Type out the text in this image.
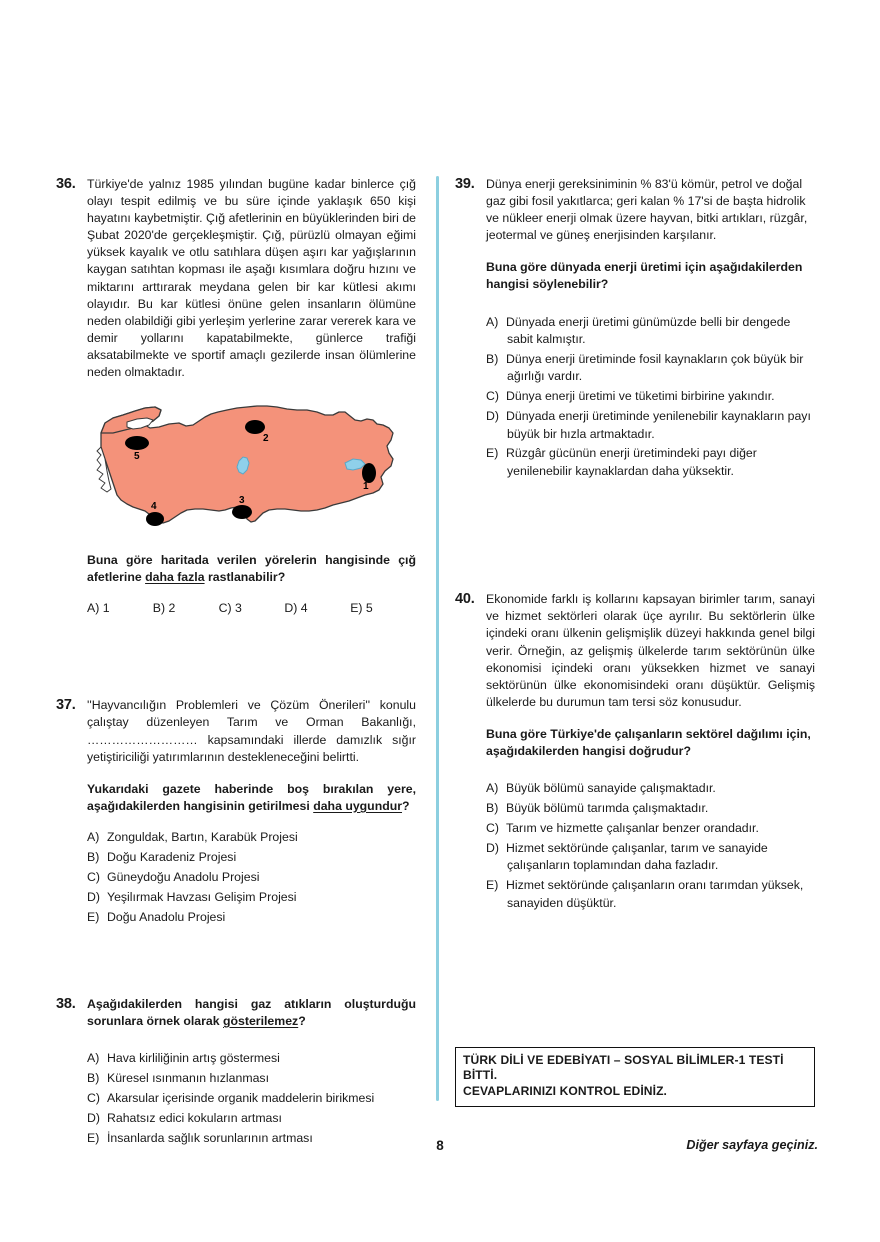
36. Türkiye'de yalnız 1985 yılından bugüne kadar binlerce çığ olayı tespit edilmiş ve bu süre içinde yaklaşık 650 kişi hayatını kaybetmiştir. Çığ afetlerinin en büyüklerinden biri de Şubat 2020'de gerçekleşmiştir. Çığ, pürüzlü olmayan eğimi yüksek kayalık ve otlu satıhlara düşen aşırı kar yağışlarının kaygan satıhtan kopması ile aşağı kısımlara doğru hızını ve miktarını arttırarak meydana gelen bir kar kütlesi akımı olayıdır. Bu kar kütlesi önüne gelen insanların ölümüne neden olabildiği gibi yerleşim yerlerine zarar vererek kara ve demir yollarını kapatabilmekte, günlerce trafiği aksatabilmekte ve sportif amaçlı gezilerde insan ölümlerine neden olmaktadır.

1
2
3
4
5

Buna göre haritada verilen yörelerin hangisinde çığ afetlerine daha fazla rastlanabilir?

A) 1	B) 2	C) 3	D) 4	E) 5
37. ''Hayvancılığın Problemleri ve Çözüm Önerileri'' konulu çalıştay düzenleyen Tarım ve Orman Bakanlığı, ……………………… kapsamındaki illerde damızlık sığır yetiştiriciliği yatırımlarının destekleneceğini belirtti.

Yukarıdaki gazete haberinde boş bırakılan yere, aşağıdakilerden hangisinin getirilmesi daha uygundur?

A) Zonguldak, Bartın, Karabük Projesi
B) Doğu Karadeniz Projesi
C) Güneydoğu Anadolu Projesi
D) Yeşilırmak Havzası Gelişim Projesi
E) Doğu Anadolu Projesi
38. Aşağıdakilerden hangisi gaz atıkların oluşturduğu sorunlara örnek olarak gösterilemez?

A) Hava kirliliğinin artış göstermesi
B) Küresel ısınmanın hızlanması
C) Akarsular içerisinde organik maddelerin birikmesi
D) Rahatsız edici kokuların artması
E) İnsanlarda sağlık sorunlarının artması
39. Dünya enerji gereksiniminin % 83'ü kömür, petrol ve doğal gaz gibi fosil yakıtlarca; geri kalan % 17'si de başta hidrolik ve nükleer enerji olmak üzere hayvan, bitki artıkları, rüzgâr, jeotermal ve güneş enerjisinden karşılanır.

Buna göre dünyada enerji üretimi için aşağıdakilerden hangisi söylenebilir?

A) Dünyada enerji üretimi günümüzde belli bir dengede sabit kalmıştır.
B) Dünya enerji üretiminde fosil kaynakların çok büyük bir ağırlığı vardır.
C) Dünya enerji üretimi ve tüketimi birbirine yakındır.
D) Dünyada enerji üretiminde yenilenebilir kaynakların payı büyük bir hızla artmaktadır.
E) Rüzgâr gücünün enerji üretimindeki payı diğer yenilenebilir kaynaklardan daha yüksektir.
40. Ekonomide farklı iş kollarını kapsayan birimler tarım, sanayi ve hizmet sektörleri olarak üçe ayrılır. Bu sektörlerin ülke içindeki oranı ülkenin gelişmişlik düzeyi hakkında genel bilgi verir. Örneğin, az gelişmiş ülkelerde tarım sektörünün ülke ekonomisi içindeki oranı yüksekken hizmet ve sanayi sektörünün ülke ekonomisindeki oranı düşüktür. Gelişmiş ülkelerde bu durumun tam tersi söz konusudur.

Buna göre Türkiye'de çalışanların sektörel dağılımı için, aşağıdakilerden hangisi doğrudur?

A) Büyük bölümü sanayide çalışmaktadır.
B) Büyük bölümü tarımda çalışmaktadır.
C) Tarım ve hizmette çalışanlar benzer orandadır.
D) Hizmet sektöründe çalışanlar, tarım ve sanayide çalışanların toplamından daha fazladır.
E) Hizmet sektöründe çalışanların oranı tarımdan yüksek, sanayiden düşüktür.
TÜRK DİLİ VE EDEBİYATI – SOSYAL BİLİMLER-1 TESTİ
BİTTİ.
CEVAPLARINIZI KONTROL EDİNİZ.
8	Diğer sayfaya geçiniz.
